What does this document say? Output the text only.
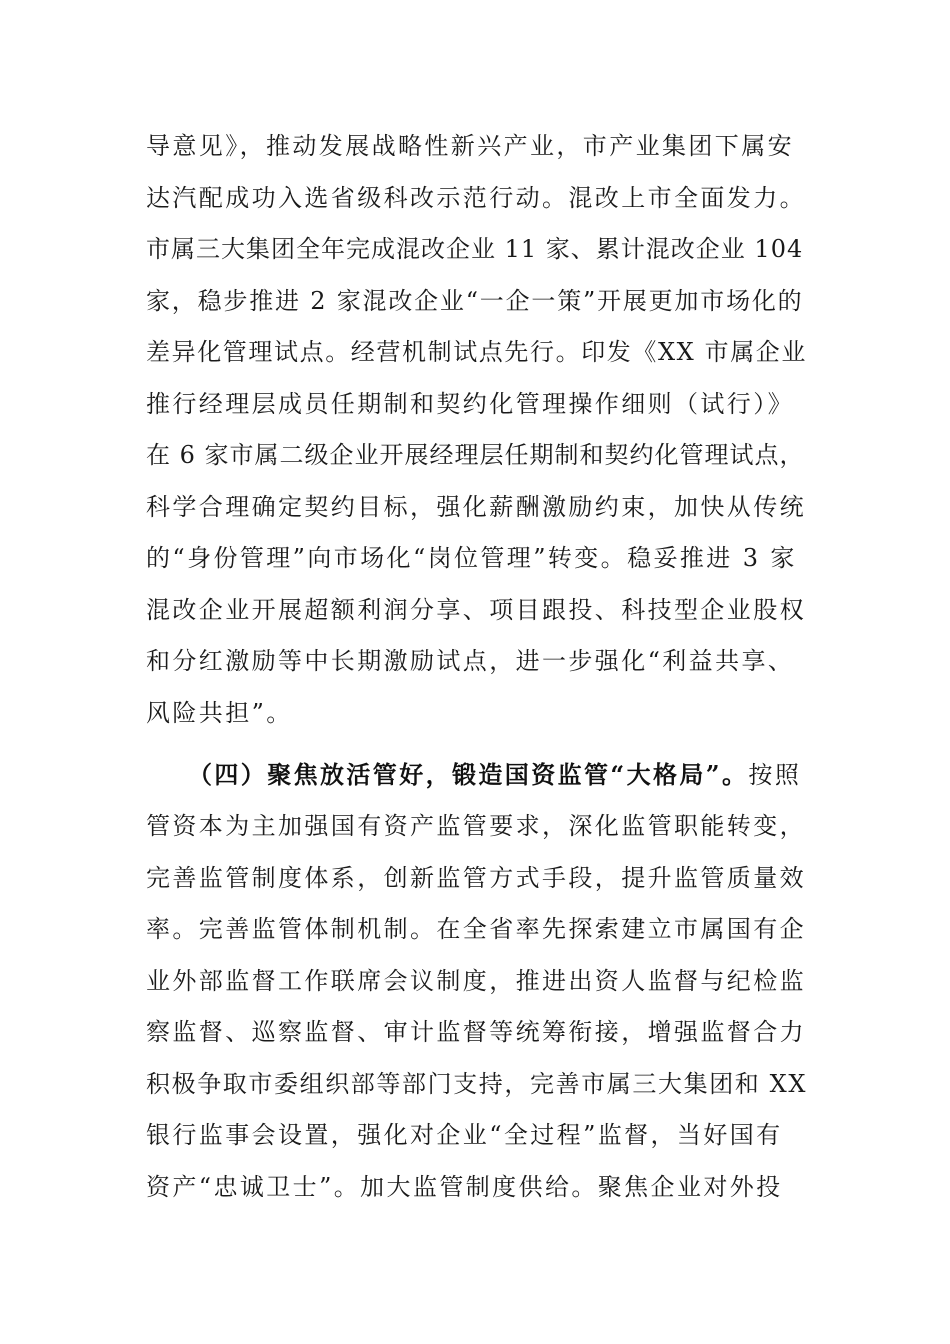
导意见》，推动发展战略性新兴产业，市产业集团下属安
达汽配成功入选省级科改示范行动。混改上市全面发力。
市属三大集团全年完成混改企业 11 家、累计混改企业 104
家，稳步推进 2 家混改企业“一企一策”开展更加市场化的
差异化管理试点。经营机制试点先行。印发《XX 市属企业
推行经理层成员任期制和契约化管理操作细则（试行）》
在 6 家市属二级企业开展经理层任期制和契约化管理试点，
科学合理确定契约目标，强化薪酬激励约束，加快从传统
的“身份管理”向市场化“岗位管理”转变。稳妥推进 3 家
混改企业开展超额利润分享、项目跟投、科技型企业股权
和分红激励等中长期激励试点，进一步强化“利益共享、
风险共担”。
（四）聚焦放活管好，锻造国资监管“大格局”。按照
管资本为主加强国有资产监管要求，深化监管职能转变，
完善监管制度体系，创新监管方式手段，提升监管质量效
率。完善监管体制机制。在全省率先探索建立市属国有企
业外部监督工作联席会议制度，推进出资人监督与纪检监
察监督、巡察监督、审计监督等统筹衔接，增强监督合力
积极争取市委组织部等部门支持，完善市属三大集团和 XX
银行监事会设置，强化对企业“全过程”监督，当好国有
资产“忠诚卫士”。加大监管制度供给。聚焦企业对外投
